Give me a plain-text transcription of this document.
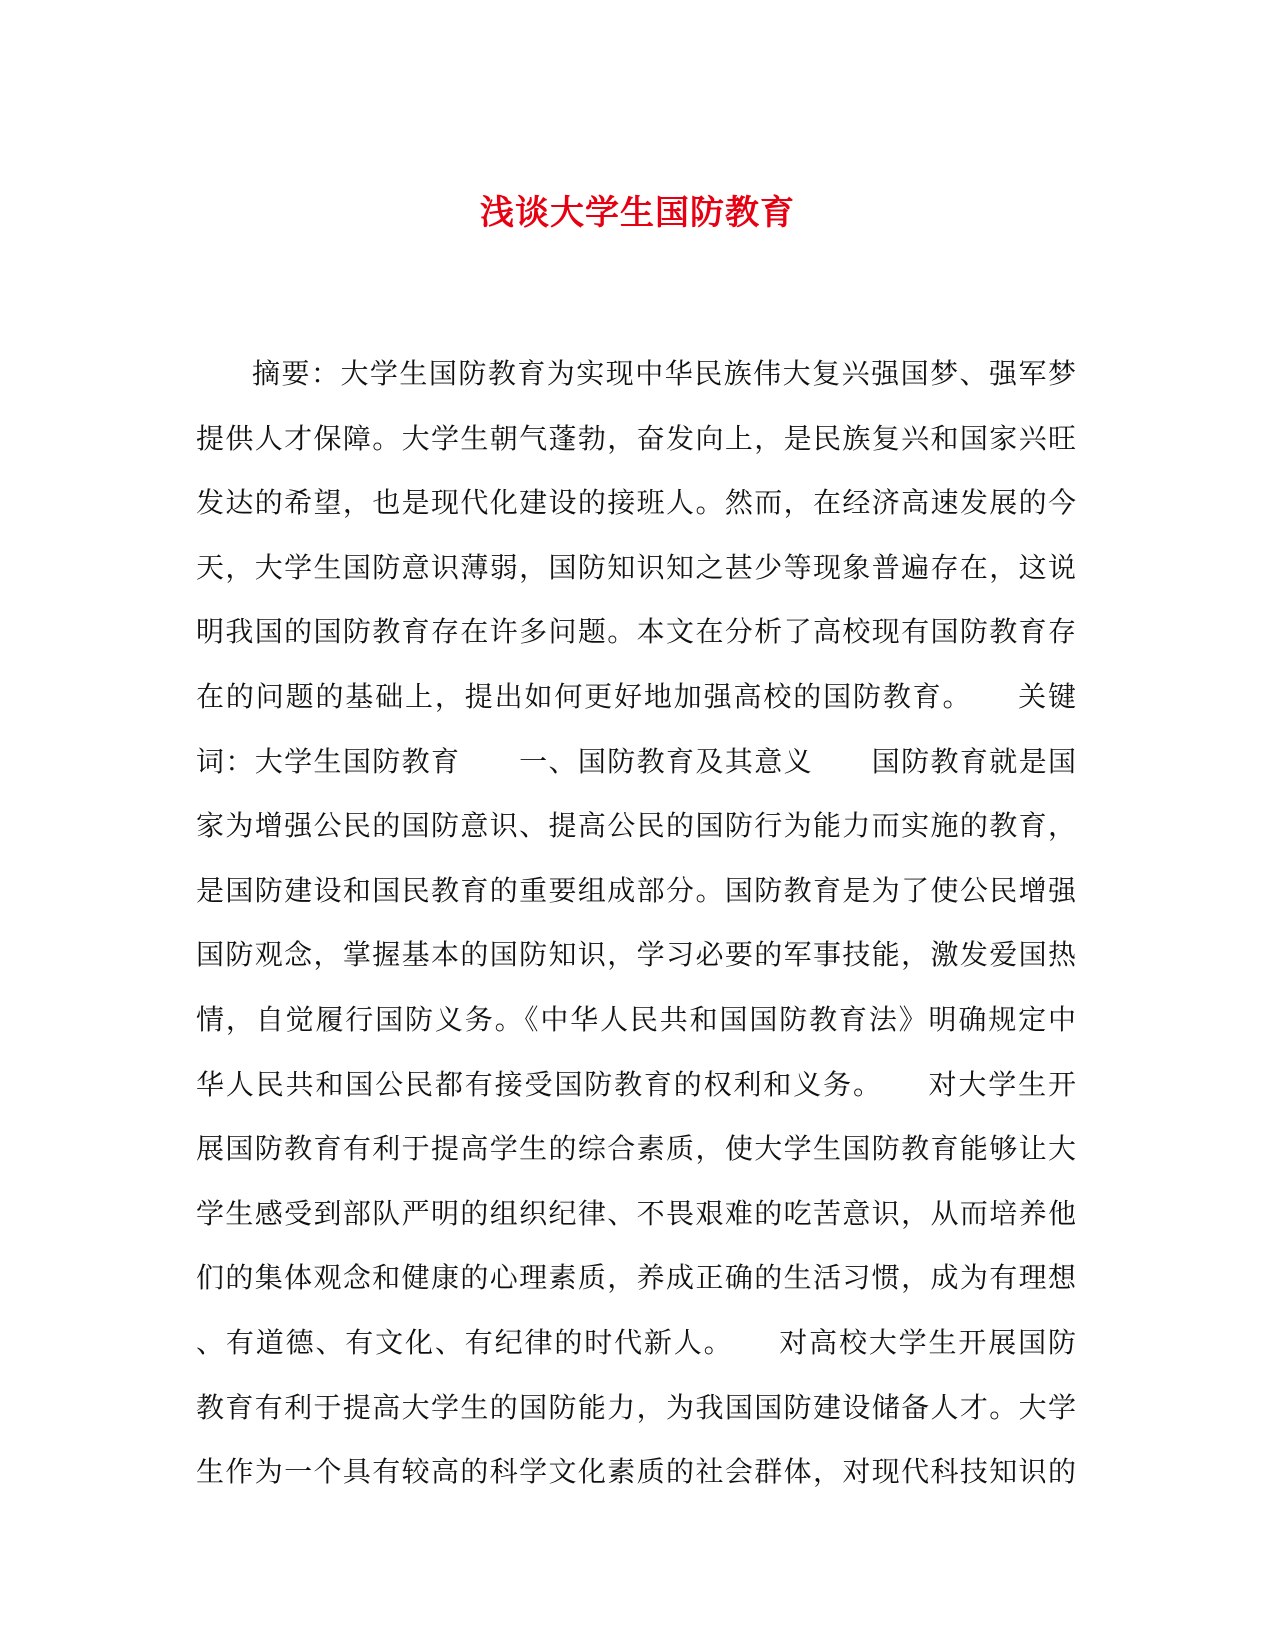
浅谈大学生国防教育
摘要：大学生国防教育为实现中华民族伟大复兴强国梦、强军梦
提供人才保障。大学生朝气蓬勃，奋发向上，是民族复兴和国家兴旺
发达的希望，也是现代化建设的接班人。然而，在经济高速发展的今
天，大学生国防意识薄弱，国防知识知之甚少等现象普遍存在，这说
明我国的国防教育存在许多问题。本文在分析了高校现有国防教育存
在的问题的基础上，提出如何更好地加强高校的国防教育。　　关键
词：大学生国防教育　　一、国防教育及其意义　　国防教育就是国
家为增强公民的国防意识、提高公民的国防行为能力而实施的教育，
是国防建设和国民教育的重要组成部分。国防教育是为了使公民增强
国防观念，掌握基本的国防知识，学习必要的军事技能，激发爱国热
情，自觉履行国防义务。《中华人民共和国国防教育法》明确规定中
华人民共和国公民都有接受国防教育的权利和义务。　　对大学生开
展国防教育有利于提高学生的综合素质，使大学生国防教育能够让大
学生感受到部队严明的组织纪律、不畏艰难的吃苦意识，从而培养他
们的集体观念和健康的心理素质，养成正确的生活习惯，成为有理想
、有道德、有文化、有纪律的时代新人。　　对高校大学生开展国防
教育有利于提高大学生的国防能力，为我国国防建设储备人才。大学
生作为一个具有较高的科学文化素质的社会群体，对现代科技知识的
